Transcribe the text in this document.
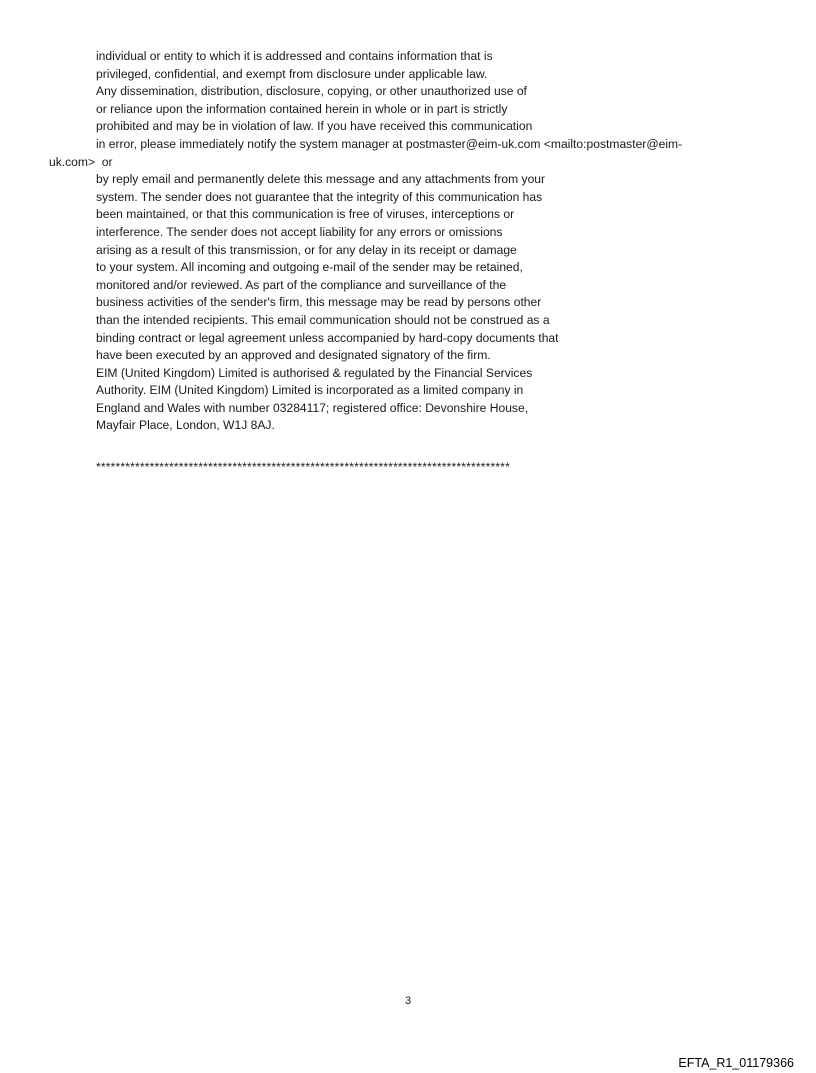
individual or entity to which it is addressed and contains information that is
privileged, confidential, and exempt from disclosure under applicable law.
Any dissemination, distribution, disclosure, copying, or other unauthorized use of
or reliance upon the information contained herein in whole or in part is strictly
prohibited and may be in violation of law. If you have received this communication
in error, please immediately notify the system manager at postmaster@eim-uk.com <mailto:postmaster@eim-
uk.com>  or
by reply email and permanently delete this message and any attachments from your
system. The sender does not guarantee that the integrity of this communication has
been maintained, or that this communication is free of viruses, interceptions or
interference. The sender does not accept liability for any errors or omissions
arising as a result of this transmission, or for any delay in its receipt or damage
to your system. All incoming and outgoing e-mail of the sender may be retained,
monitored and/or reviewed. As part of the compliance and surveillance of the
business activities of the sender's firm, this message may be read by persons other
than the intended recipients. This email communication should not be construed as a
binding contract or legal agreement unless accompanied by hard-copy documents that
have been executed by an approved and designated signatory of the firm.
EIM (United Kingdom) Limited is authorised & regulated by the Financial Services
Authority. EIM (United Kingdom) Limited is incorporated as a limited company in
England and Wales with number 03284117; registered office: Devonshire House,
Mayfair Place, London, W1J 8AJ.
*************************************************************************************
3
EFTA_R1_01179366
